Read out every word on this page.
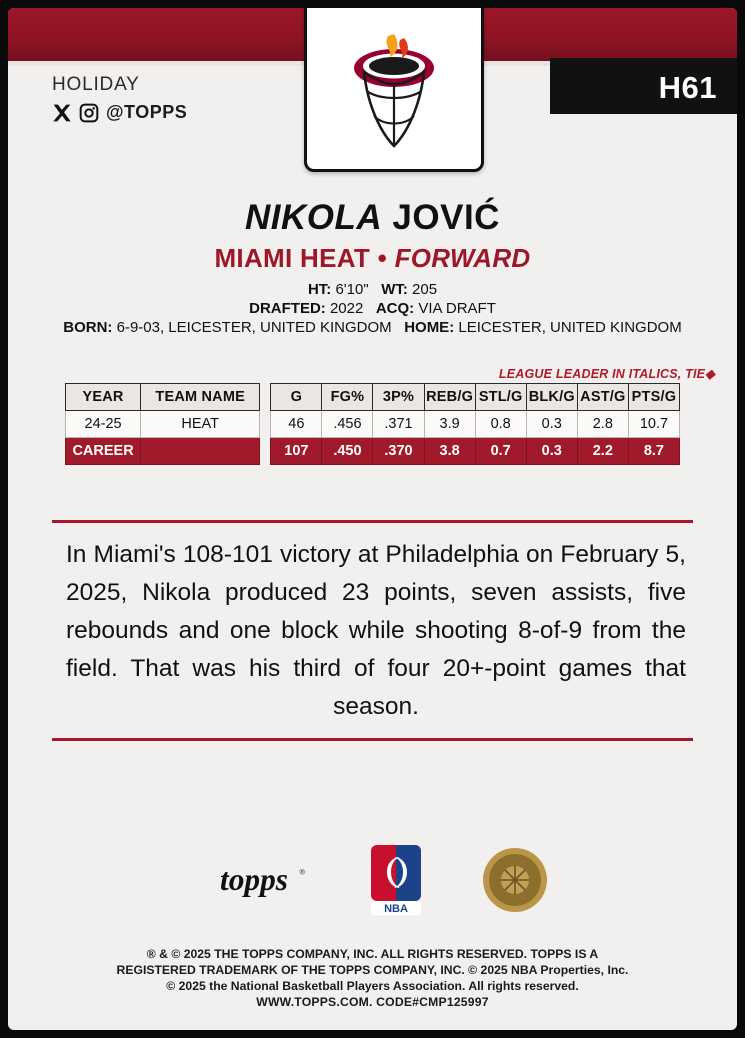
H61
HOLIDAY
@TOPPS
NIKOLA JOVIĆ
MIAMI HEAT • FORWARD
HT: 6'10" WT: 205
DRAFTED: 2022 ACQ: VIA DRAFT
BORN: 6-9-03, LEICESTER, UNITED KINGDOM HOME: LEICESTER, UNITED KINGDOM
LEAGUE LEADER IN ITALICS, TIE◆
YEAR	TEAM NAME		G	FG%	3P%	REB/G	STL/G	BLK/G	AST/G	PTS/G
24-25	HEAT		46	.456	.371	3.9	0.8	0.3	2.8	10.7
CAREER			107	.450	.370	3.8	0.7	0.3	2.2	8.7
In Miami's 108-101 victory at Philadelphia on February 5, 2025, Nikola produced 23 points, seven assists, five rebounds and one block while shooting 8-of-9 from the field. That was his third of four 20+-point games that season.
topps ®
NBA
® & © 2025 THE TOPPS COMPANY, INC. ALL RIGHTS RESERVED. TOPPS IS A
REGISTERED TRADEMARK OF THE TOPPS COMPANY, INC. © 2025 NBA Properties, Inc.
© 2025 the National Basketball Players Association. All rights reserved.
WWW.TOPPS.COM. CODE#CMP125997
